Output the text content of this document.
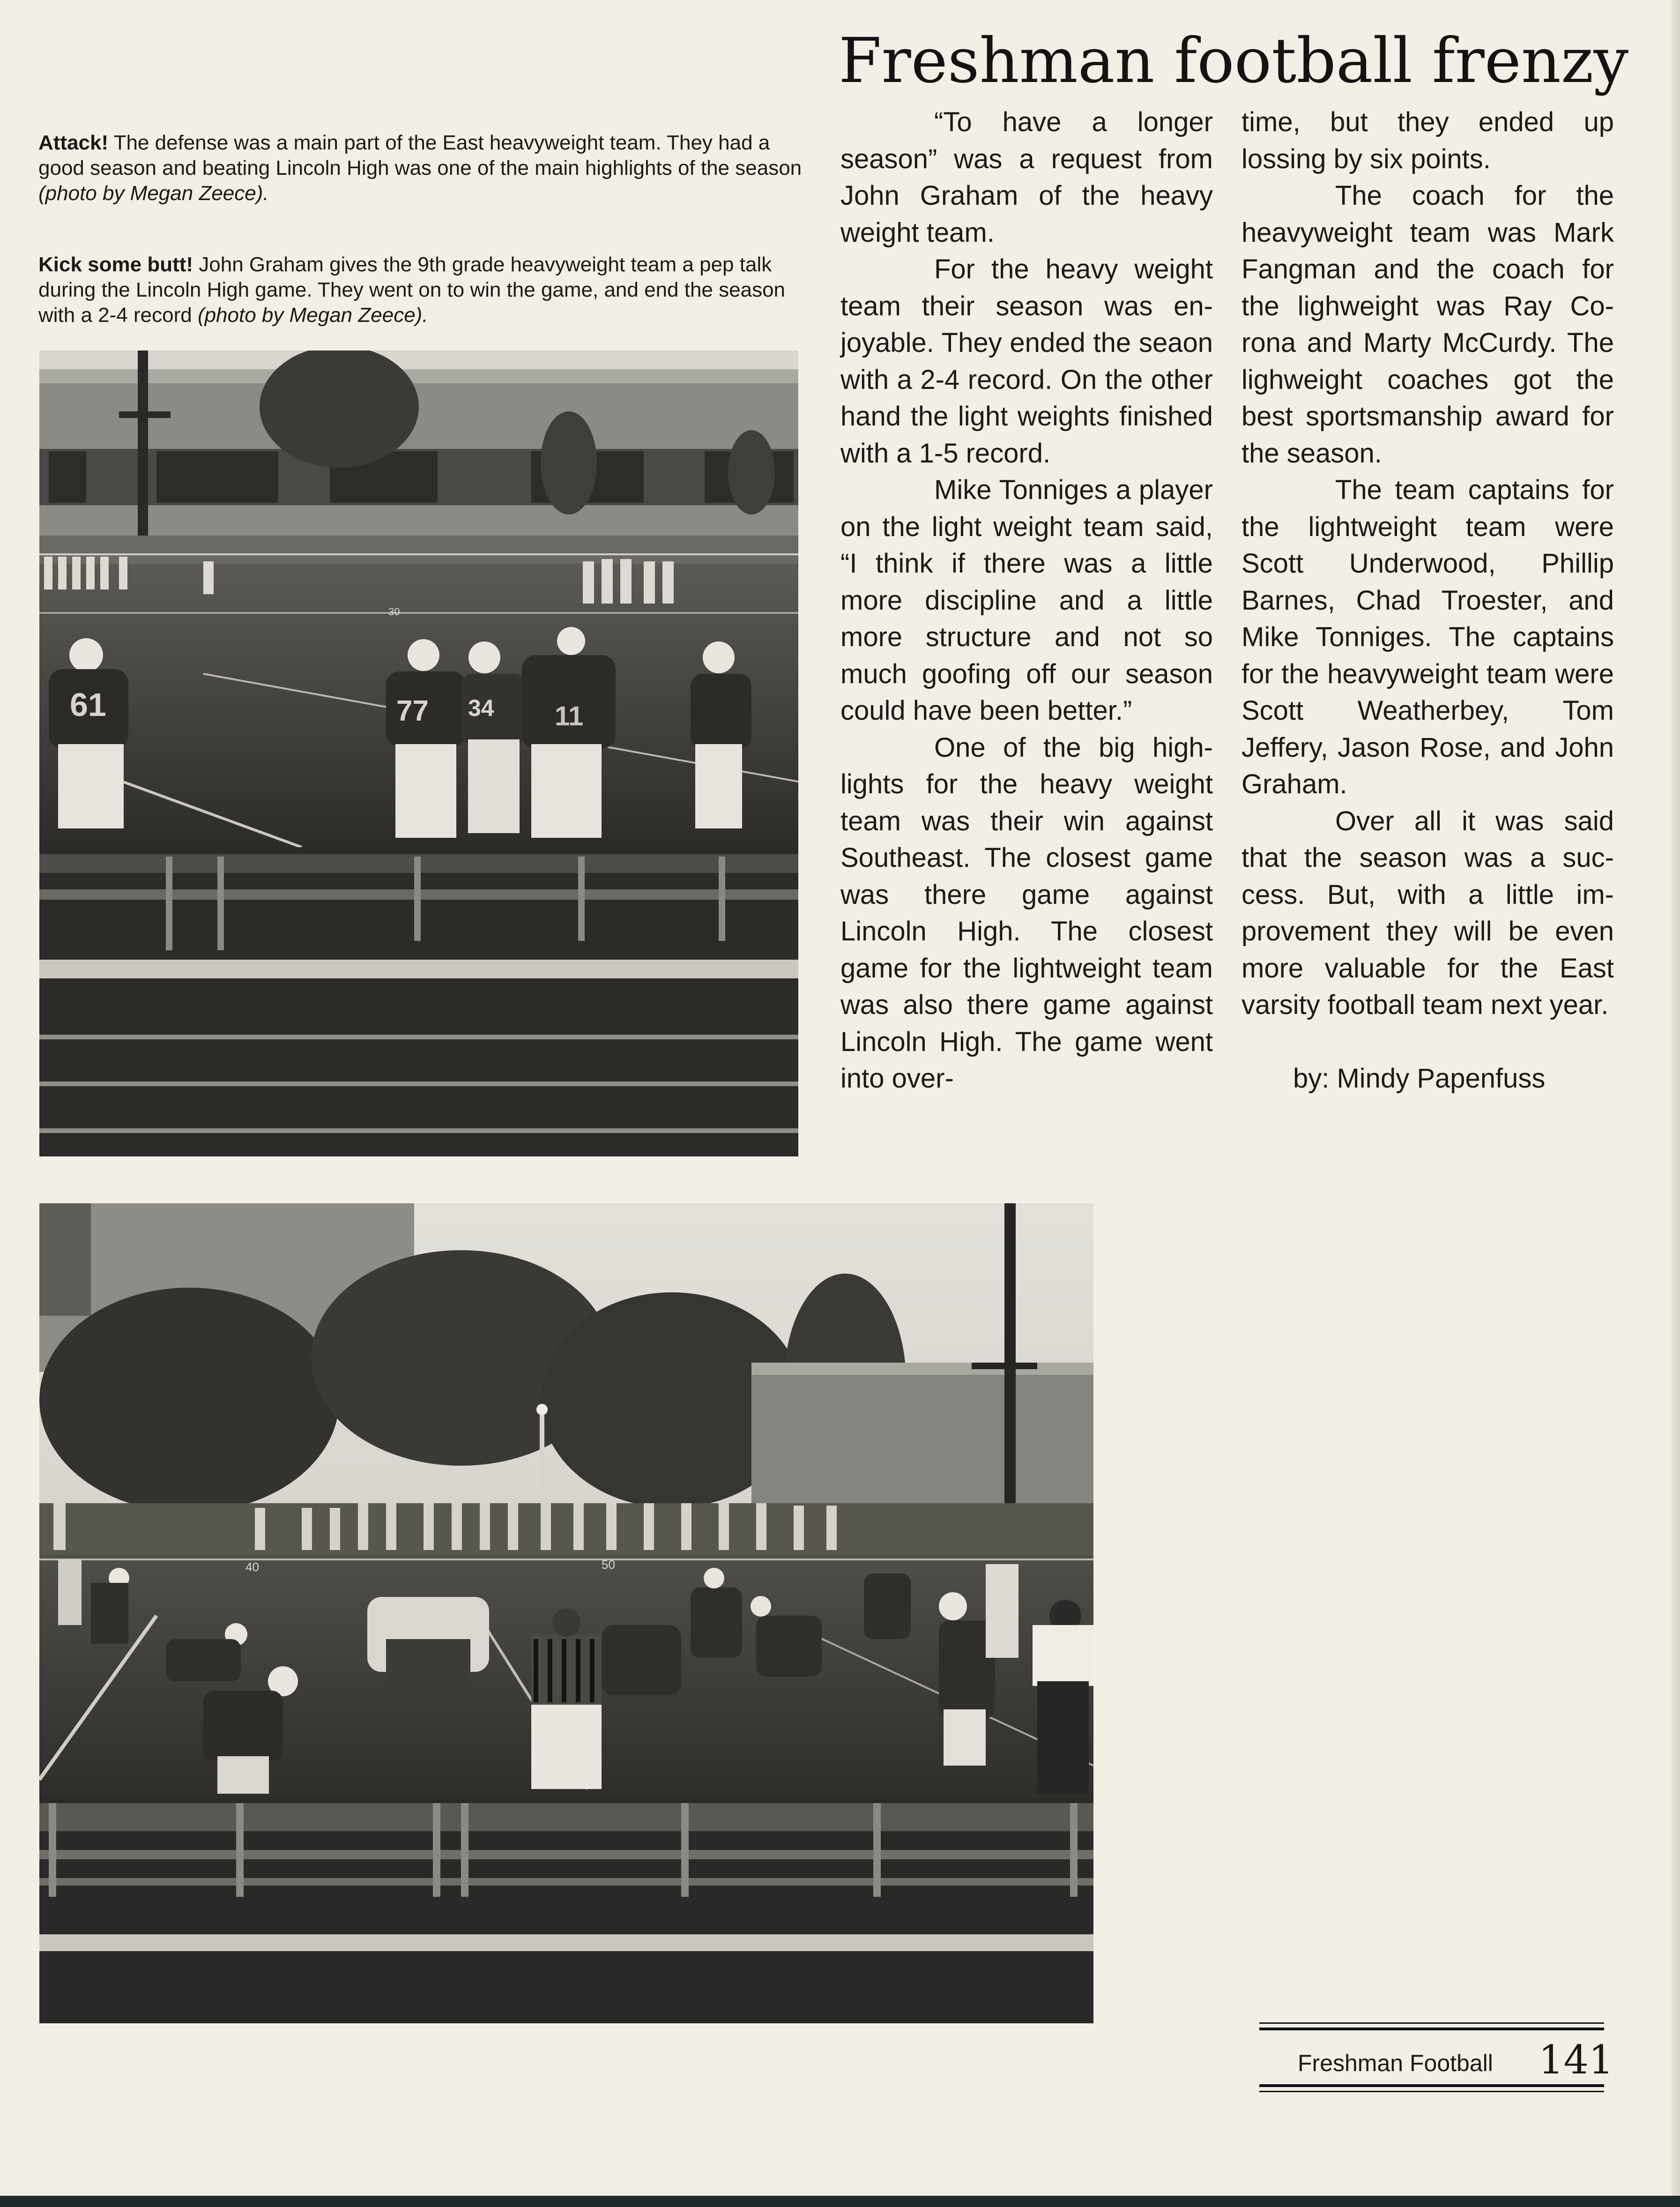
Freshman football frenzy
Attack! The defense was a main part of the East heavyweight team. They had a good season and beating Lincoln High was one of the main highlights of the season (photo by Megan Zeece).
Kick some butt! John Graham gives the 9th grade heavyweight team a pep talk during the Lincoln High game. They went on to win the game, and end the season with a 2-4 record (photo by Megan Zeece).
30
61	77 34 11
40	50

“To have a longer season” was a request from John Graham of the heavy weight team.

For the heavy weight team their season was enjoyable. They ended the seaon with a 2-4 record. On the other hand the light weights finished with a 1-5 record.

Mike Tonniges a player on the light weight team said, “I think if there was a little more discipline and a little more structure and not so much goofing off our season could have been better.”

One of the big highlights for the heavy weight team was their win against Southeast. The closest game was there game against Lincoln High. The closest game for the lightweight team was also there game against Lincoln High. The game went into over-

time, but they ended up lossing by six points.

The coach for the heavyweight team was Mark Fangman and the coach for the lighweight was Ray Corona and Marty McCurdy. The lighweight coaches got the best sportsmanship award for the season.

The team captains for the lightweight team were Scott Underwood, Phillip Barnes, Chad Troester, and Mike Tonniges. The captains for the heavyweight team were Scott Weatherbey, Tom Jeffery, Jason Rose, and John Graham.

Over all it was said that the season was a success. But, with a little improvement they will be even more valuable for the East varsity football team next year.

by: Mindy Papenfuss

Freshman Football 141
